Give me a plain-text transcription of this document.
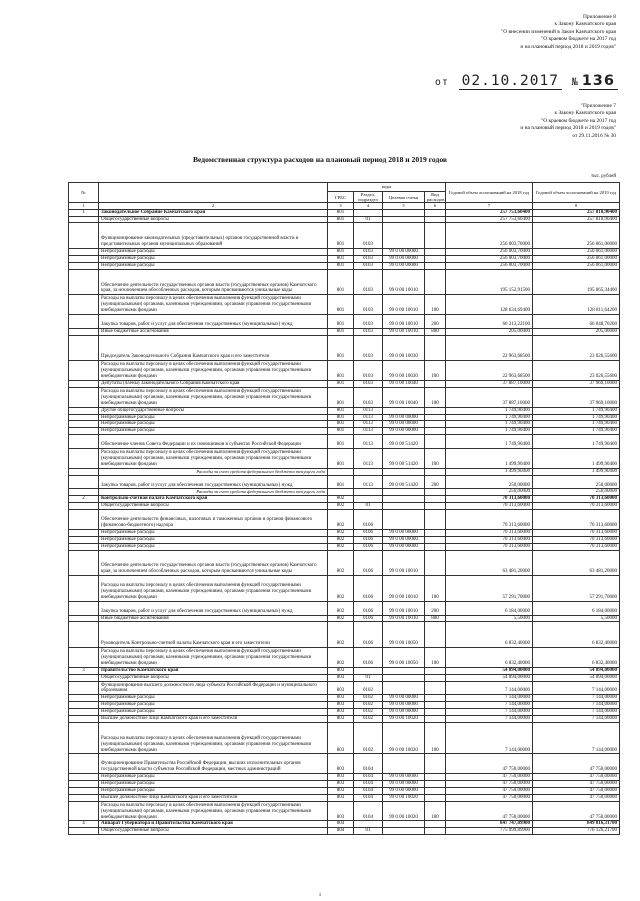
Приложение 8
к Закону Камчатского края
"О внесении изменений в Закон Камчатского края
"О краевом бюджете на 2017 год
и на плановый период 2018 и 2019 годов"
от 02.10.2017 № 136
"Приложение 7
к Закону Камчатского края
"О краевом бюджете на 2017 год
и на плановый период 2018 и 2019 годов"
от 29.11.2016 № 30
Ведомственная структура расходов на плановый период 2018 и 2019 годов
тыс. рублей
№		коды				Годовой объем ассигнований на 2018 год	Годовой объем ассигнований на 2019 год
		ГРБС	Раздел, подраздел	Целевая статья	Вид расходов		
1	2	3	4	5	6	7	8
1	Законодательное Собрание Камчатского края	801				257 753,60400	257 810,90400
	Общегосударственные вопросы	801	01			257 753,60400	257 810,90400
	Функционирование законодательных (представительных) органов государственной власти и представительных органов муниципальных образований	801	0103			256 003,70000	256 061,00000
	Непрограммные расходы	801	0103	99 0 00 00000		256 003,70000	256 061,00000
	Непрограммные расходы	801	0103	99 0 00 00000		256 003,70000	256 061,00000
	Непрограммные расходы	801	0103	99 0 00 00000		256 003,70000	256 061,00000
	Обеспечение деятельности государственных органов власти (государственных органов) Камчатского края, за исключением обособленных расходов, которым присваиваются уникальные коды	801	0103	99 0 00 10010		195 152,91500	195 065,34400
	Расходы на выплаты персоналу в целях обеспечения выполнения функций государственными (муниципальными) органами, казенными учреждениями, органами управления государственными внебюджетными фондами	801	0103	99 0 00 10010	100	128 634,69400	128 811,64200
	Закупка товаров, работ и услуг для обеспечения государственных (муниципальных) нужд	801	0103	99 0 00 10010	200	66 313,22100	66 048,70200
	Иные бюджетные ассигнования	801	0103	99 0 00 10010	800	205,00000	205,00000
	Председатель Законодательного Собрания Камчатского края и его заместители	801	0103	99 0 00 10030		22 963,68500	23 026,55600
	Расходы на выплаты персоналу в целях обеспечения выполнения функций государственными (муниципальными) органами, казенными учреждениями, органами управления государственными внебюджетными фондами	801	0103	99 0 00 10030	100	22 963,68500	23 026,55600
	Депутаты (члены) Законодательного Собрания Камчатского края	801	0103	99 0 00 10040		37 887,10000	37 969,10000
	Расходы на выплаты персоналу в целях обеспечения выполнения функций государственными (муниципальными) органами, казенными учреждениями, органами управления государственными внебюджетными фондами	801	0103	99 0 00 10040	100	37 887,10000	37 969,10000
	Другие общегосударственные вопросы	801	0113			1 749,90400	1 749,90400
	Непрограммные расходы	801	0113	99 0 00 00000		1 749,90400	1 749,90400
	Непрограммные расходы	801	0113	99 0 00 00000		1 749,90400	1 749,90400
	Непрограммные расходы	801	0113	99 0 00 00000		1 749,90400	1 749,90400
	Обеспечение членов Совета Федерации и их помощников в субъектах Российской Федерации	801	0113	99 0 00 51420		1 749,90400	1 749,90400
	Расходы на выплаты персоналу в целях обеспечения выполнения функций государственными (муниципальными) органами, казенными учреждениями, органами управления государственными внебюджетными фондами	801	0113	99 0 00 51420	100	1 499,90400	1 499,90400
	Расходы за счет средств федерального бюджета текущего года					1 499,90400	1 499,90400
	Закупка товаров, работ и услуг для обеспечения государственных (муниципальных) нужд	801	0113	99 0 00 51420	200	250,00000	250,00000
	Расходы за счет средств федерального бюджета текущего года					250,00000	250,00000
2	Контрольно-счетная палата Камчатского края	802				70 313,60000	70 313,60000
	Общегосударственные вопросы	802	01			70 313,60000	70 313,60000
	Обеспечение деятельности финансовых, налоговых и таможенных органов и органов финансового (финансово-бюджетного) надзора	802	0106			70 313,60000	70 313,60000
	Непрограммные расходы	802	0106	99 0 00 00000		70 313,60000	70 313,60000
	Непрограммные расходы	802	0106	99 0 00 00000		70 313,60000	70 313,60000
	Непрограммные расходы	802	0106	99 0 00 00000		70 313,60000	70 313,60000
	Обеспечение деятельности государственных органов власти (государственных органов) Камчатского края, за исключением обособленных расходов, которым присваиваются уникальные коды	802	0106	99 0 00 10010		63 481,20000	63 481,20000
	Расходы на выплаты персоналу в целях обеспечения выполнения функций государственными (муниципальными) органами, казенными учреждениями, органами управления государственными внебюджетными фондами	802	0106	99 0 00 10010	100	57 291,70000	57 291,70000
	Закупка товаров, работ и услуг для обеспечения государственных (муниципальных) нужд	802	0106	99 0 00 10010	200	6 184,00000	6 184,00000
	Иные бюджетные ассигнования	802	0106	99 0 00 10010	800	5,50000	5,50000
	Руководитель Контрольно-счетной палаты Камчатского края и его заместители	802	0106	99 0 00 10050		6 832,40000	6 832,40000
	Расходы на выплаты персоналу в целях обеспечения выполнения функций государственными (муниципальными) органами, казенными учреждениями, органами управления государственными внебюджетными фондами	802	0106	99 0 00 10050	100	6 832,40000	6 832,40000
3	Правительство Камчатского края	803				54 894,00000	54 894,00000
	Общегосударственные вопросы	803	01			54 894,00000	54 894,00000
	Функционирование высшего должностного лица субъекта Российской Федерации и муниципального образования	803	0102			7 144,00000	7 144,00000
	Непрограммные расходы	803	0102	99 0 00 00000		7 144,00000	7 144,00000
	Непрограммные расходы	803	0102	99 0 00 00000		7 144,00000	7 144,00000
	Непрограммные расходы	803	0102	99 0 00 00000		7 144,00000	7 144,00000
	Высшее должностное лицо Камчатского края и его заместители	803	0102	99 0 00 10020		7 144,00000	7 144,00000
	Расходы на выплаты персоналу в целях обеспечения выполнения функций государственными (муниципальными) органами, казенными учреждениями, органами управления государственными внебюджетными фондами	803	0102	99 0 00 10020	100	7 144,00000	7 144,00000
	Функционирование Правительства Российской Федерации, высших исполнительных органов государственной власти субъектов Российской Федерации, местных администраций	803	0104			47 750,00000	47 750,00000
	Непрограммные расходы	803	0104	99 0 00 00000		47 750,00000	47 750,00000
	Непрограммные расходы	803	0104	99 0 00 00000		47 750,00000	47 750,00000
	Непрограммные расходы	803	0104	99 0 00 00000		47 750,00000	47 750,00000
	Высшее должностное лицо Камчатского края и его заместители	803	0104	99 0 00 10020		47 750,00000	47 750,00000
	Расходы на выплаты персоналу в целях обеспечения выполнения функций государственными (муниципальными) органами, казенными учреждениями, органами управления государственными внебюджетными фондами	803	0104	99 0 00 10020	100	47 750,00000	47 750,00000
4	Аппарат Губернатора и Правительства Камчатского края	804				847 747,09900	849 816,31700
	Общегосударственные вопросы	804	01			775 099,89900	776 126,21700
1
